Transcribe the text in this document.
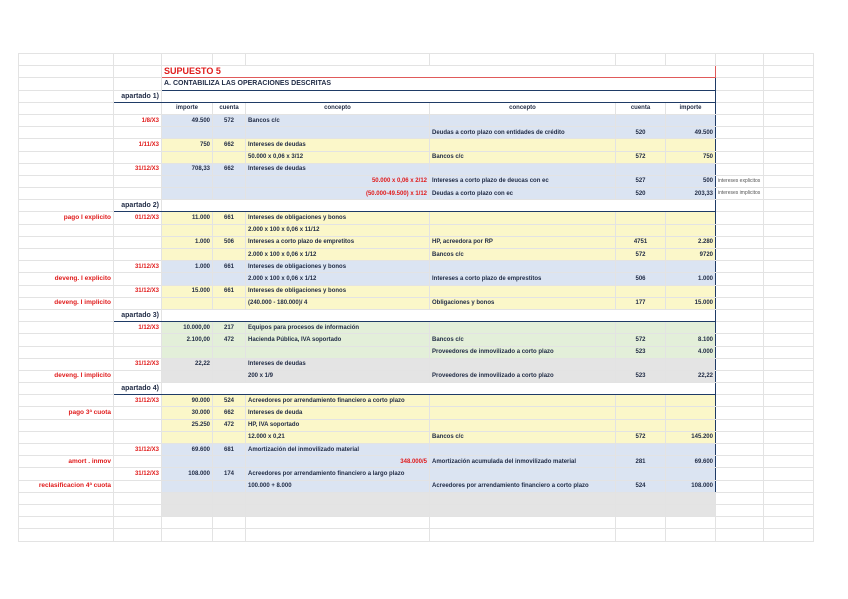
		SUPUESTO 5							
		A. CONTABILIZA LAS OPERACIONES DESCRITAS							
	apartado 1)								
		importe	cuenta	concepto	concepto	cuenta	importe		
	1/8/X3	49.500	572	Bancos c/c					
					Deudas a corto plazo con entidades de crédito	520	49.500		
	1/11/X3	750	662	Intereses de deudas					
				50.000 x 0,06 x 3/12	Bancos c/c	572	750		
	31/12/X3	708,33	662	Intereses de deudas					
				50.000 x 0,06 x 2/12	Intereses a corto plazo de deucas con ec	527	500	intereses explicitos	
				(50.000-49.500) x 1/12	Deudas a corto plazo con ec	520	203,33	intereses implicitos	
	apartado 2)								
pago I explicito	01/12/X3	11.000	661	Intereses de obligaciones y bonos					
				2.000 x 100 x 0,06 x 11/12					
		1.000	506	Intereses a corto plazo de empretitos	HP, acreedora por RP	4751	2.280		
				2.000 x 100 x 0,06 x 1/12	Bancos c/c	572	9720		
	31/12/X3	1.000	661	Intereses de obligaciones y bonos					
deveng. I explicito				2.000 x 100 x 0,06 x 1/12	Intereses a corto plazo de emprestitos	506	1.000		
	31/12/X3	15.000	661	Intereses de obligaciones y bonos					
deveng. I implicito				(240.000 - 180.000)/ 4	Obligaciones y bonos	177	15.000		
	apartado 3)								
	1/12/X3	10.000,00	217	Equipos para procesos de información					
		2.100,00	472	Hacienda Pública, IVA soportado	Bancos c/c	572	8.100		
					Proveedores de inmovilizado a corto plazo	523	4.000		
	31/12/X3	22,22		Intereses de deudas					
deveng. I implicito				200 x 1/9	Proveedores de inmovilizado a corto plazo	523	22,22		
	apartado 4)								
	31/12/X3	90.000	524	Acreedores por arrendamiento financiero a corto plazo					
pago 3ª cuota		30.000	662	Intereses de deuda					
		25.250	472	HP, IVA soportado					
				12.000 x 0,21	Bancos c/c	572	145.200		
	31/12/X3	69.600	681	Amortización del inmovilizado material					
amort . inmov				348.000/5	Amortización acumulada del inmovilizado material	281	69.600		
	31/12/X3	108.000	174	Acreedores por arrendamiento financiero a largo plazo					
reclasificacion 4ª cuota				100.000 + 8.000	Acreedores por arrendamiento financiero a corto plazo	524	108.000		
